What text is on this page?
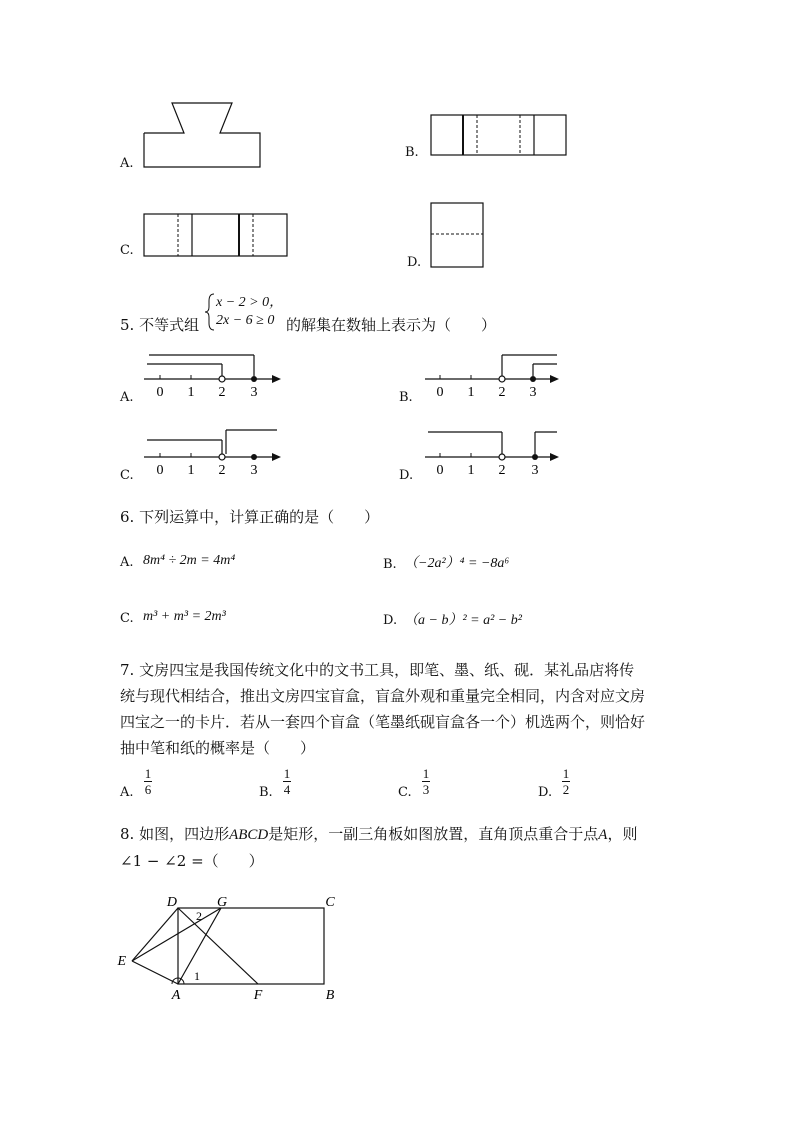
A.
B.
C.
D.
5. 不等式组
x − 2 > 0，
2x − 6 ≥ 0 的解集在数轴上表示为（　　）
A.	B.
C.	D.
0 1 2 3	0 1 2 3
0 1 2 3	0 1 2 3
6. 下列运算中，计算正确的是（　　）
A. 8m⁴ ÷ 2m = 4m⁴	B. （−2a²）⁴ = −8a⁶
C. m³ + m³ = 2m³	D. （a − b）² = a² − b²
7. 文房四宝是我国传统文化中的文书工具，即笔、墨、纸、砚．某礼品店将传
统与现代相结合，推出文房四宝盲盒，盲盒外观和重量完全相同，内含对应文房
四宝之一的卡片．若从一套四个盲盒（笔墨纸砚盲盒各一个）机选两个，则恰好
抽中笔和纸的概率是（　　）
A.
1
6	B.
1
4	C.
1
3	D.
1
2
8. 如图，四边形ABCD是矩形，一副三角板如图放置，直角顶点重合于点A，则
∠1 − ∠2 =（　　）
D	G	C
E
A	F	B
1
2
